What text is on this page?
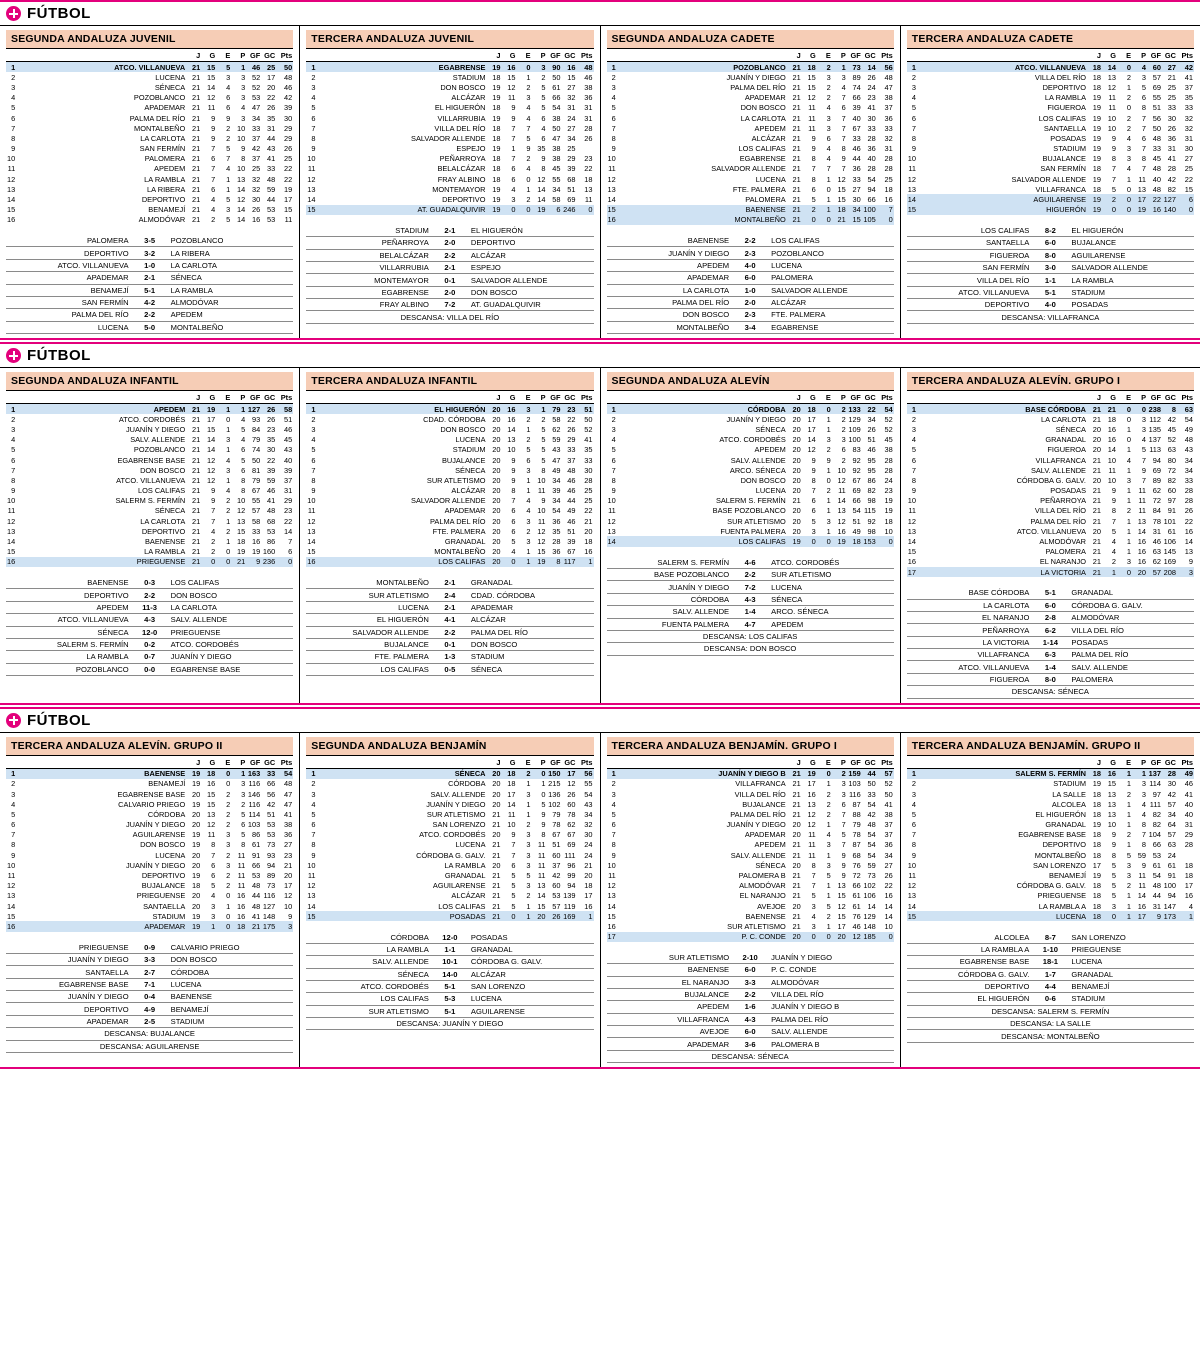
FÚTBOL
SEGUNDA ANDALUZA JUVENIL
		J	G	E	P	GF	GC	Pts
1	ATCO. VILLANUEVA	21	15	5	1	46	25	50
2	LUCENA	21	15	3	3	52	17	48
3	SÉNECA	21	14	4	3	52	20	46
4	POZOBLANCO	21	12	6	3	53	22	42
5	APADEMAR	21	11	6	4	47	26	39
6	PALMA DEL RÍO	21	9	9	3	34	35	30
7	MONTALBEÑO	21	9	2	10	33	31	29
8	LA CARLOTA	21	9	2	10	37	44	29
9	SAN FERMÍN	21	7	5	9	42	43	26
10	PALOMERA	21	6	7	8	37	41	25
11	APEDEM	21	7	4	10	25	33	22
12	LA RAMBLA	21	7	1	13	32	48	22
13	LA RIBERA	21	6	1	14	32	59	19
14	DEPORTIVO	21	4	5	12	30	44	17
15	BENAMEJÍ	21	4	3	14	26	53	15
16	ALMODÓVAR	21	2	5	14	16	53	11
PALOMERA	3-5	POZOBLANCO
DEPORTIVO	3-2	LA RIBERA
ATCO. VILLANUEVA	1-0	LA CARLOTA
APADEMAR	2-1	SÉNECA
BENAMEJÍ	5-1	LA RAMBLA
SAN FERMÍN	4-2	ALMODÓVAR
PALMA DEL RÍO	2-2	APEDEM
LUCENA	5-0	MONTALBEÑO
TERCERA ANDALUZA JUVENIL
		J	G	E	P	GF	GC	Pts
1	EGABRENSE	19	16	0	3	90	16	48
2	STADIUM	18	15	1	2	50	15	46
3	DON BOSCO	19	12	2	5	61	27	38
4	ALCÁZAR	19	11	3	5	66	32	36
5	EL HIGUERÓN	18	9	4	5	54	31	31
6	VILLARRUBIA	19	9	4	6	38	24	31
7	VILLA DEL RÍO	18	7	7	4	50	27	28
8	SALVADOR ALLENDE	18	7	5	6	47	34	26
9	ESPEJO	19	1	9	35	38	25	
10	PEÑARROYA	18	7	2	9	38	29	23
11	BELALCÁZAR	18	6	4	8	45	39	22
12	FRAY ALBINO	18	6	0	12	55	68	18
13	MONTEMAYOR	19	4	1	14	34	51	13
14	DEPORTIVO	19	3	2	14	58	69	11
15	AT. GUADALQUIVIR	19	0	0	19	6	246	0
STADIUM	2-1	EL HIGUERÓN
PEÑARROYA	2-0	DEPORTIVO
BELALCÁZAR	2-2	ALCÁZAR
VILLARRUBIA	2-1	ESPEJO
MONTEMAYOR	0-1	SALVADOR ALLENDE
EGABRENSE	2-0	DON BOSCO
FRAY ALBINO	7-2	AT. GUADALQUIVIR
DESCANSA: VILLA DEL RÍO
SEGUNDA ANDALUZA CADETE
		J	G	E	P	GF	GC	Pts
1	POZOBLANCO	21	18	2	1	73	14	56
2	JUANÍN Y DIEGO	21	15	3	3	89	26	48
3	PALMA DEL RÍO	21	15	2	4	74	24	47
4	APADEMAR	21	12	2	7	66	23	38
5	DON BOSCO	21	11	4	6	39	41	37
6	LA CARLOTA	21	11	3	7	40	30	36
7	APEDEM	21	11	3	7	67	33	33
8	ALCÁZAR	21	9	6	7	33	28	32
9	LOS CALIFAS	21	9	4	8	46	36	31
10	EGABRENSE	21	8	4	9	44	40	28
11	SALVADOR ALLENDE	21	7	7	7	36	28	28
12	LUCENA	21	8	1	12	33	54	25
13	FTE. PALMERA	21	6	0	15	27	94	18
14	PALOMERA	21	5	1	15	30	66	16
15	BAENENSE	21	2	1	18	34	100	7
16	MONTALBEÑO	21	0	0	21	15	105	0
BAENENSE	2-2	LOS CALIFAS
JUANÍN Y DIEGO	2-3	POZOBLANCO
APEDEM	4-0	LUCENA
APADEMAR	6-0	PALOMERA
LA CARLOTA	1-0	SALVADOR ALLENDE
PALMA DEL RÍO	2-0	ALCÁZAR
DON BOSCO	2-3	FTE. PALMERA
MONTALBEÑO	3-4	EGABRENSE
TERCERA ANDALUZA CADETE
		J	G	E	P	GF	GC	Pts
1	ATCO. VILLANUEVA	18	14	0	4	60	27	42
2	VILLA DEL RÍO	18	13	2	3	57	21	41
3	DEPORTIVO	18	12	1	5	69	25	37
4	LA RAMBLA	19	11	2	6	55	25	35
5	FIGUEROA	19	11	0	8	51	33	33
6	LOS CALIFAS	19	10	2	7	56	30	32
7	SANTAELLA	19	10	2	7	50	26	32
8	POSADAS	19	9	4	6	48	36	31
9	STADIUM	19	9	3	7	33	31	30
10	BUJALANCE	19	8	3	8	45	41	27
11	SAN FERMÍN	18	7	4	7	48	28	25
12	SALVADOR ALLENDE	19	7	1	11	40	42	22
13	VILLAFRANCA	18	5	0	13	48	82	15
14	AGUILARENSE	19	2	0	17	22	127	6
15	HIGUERÓN	19	0	0	19	16	140	0
LOS CALIFAS	8-2	EL HIGUERÓN
SANTAELLA	6-0	BUJALANCE
FIGUEROA	8-0	AGUILARENSE
SAN FERMÍN	3-0	SALVADOR ALLENDE
VILLA DEL RÍO	1-1	LA RAMBLA
ATCO. VILLANUEVA	5-1	STADIUM
DEPORTIVO	4-0	POSADAS
DESCANSA: VILLAFRANCA
FÚTBOL
SEGUNDA ANDALUZA INFANTIL
		J	G	E	P	GF	GC	Pts
1	APEDEM	21	19	1	1	127	26	58
2	ATCO. CORDOBÉS	21	17	0	4	93	26	51
3	JUANÍN Y DIEGO	21	15	1	5	84	23	46
4	SALV. ALLENDE	21	14	3	4	79	35	45
5	POZOBLANCO	21	14	1	6	74	30	43
6	EGABRENSE BASE	21	12	4	5	50	22	40
7	DON BOSCO	21	12	3	6	81	39	39
8	ATCO. VILLANUEVA	21	12	1	8	79	59	37
9	LOS CALIFAS	21	9	4	8	67	46	31
10	SALERM S. FERMÍN	21	9	2	10	55	41	29
11	SÉNECA	21	7	2	12	57	48	23
12	LA CARLOTA	21	7	1	13	58	68	22
13	DEPORTIVO	21	4	2	15	33	53	14
14	BAENENSE	21	2	1	18	16	86	7
15	LA RAMBLA	21	2	0	19	19	160	6
16	PRIEGUENSE	21	0	0	21	9	236	0
BAENENSE	0-3	LOS CALIFAS
DEPORTIVO	2-2	DON BOSCO
APEDEM	11-3	LA CARLOTA
ATCO. VILLANUEVA	4-3	SALV. ALLENDE
SÉNECA	12-0	PRIEGUENSE
SALERM S. FERMÍN	0-2	ATCO. CORDOBÉS
LA RAMBLA	0-7	JUANÍN Y DIEGO
POZOBLANCO	0-0	EGABRENSE BASE
TERCERA ANDALUZA INFANTIL
		J	G	E	P	GF	GC	Pts
1	EL HIGUERÓN	20	16	3	1	79	23	51
2	CDAD. CÓRDOBA	20	16	2	2	58	22	50
3	DON BOSCO	20	14	1	5	62	26	52
4	LUCENA	20	13	2	5	59	29	41
5	STADIUM	20	10	5	5	43	33	35
6	BUJALANCE	20	9	6	5	47	37	33
7	SÉNECA	20	9	3	8	49	48	30
8	SUR ATLETISMO	20	9	1	10	34	46	28
9	ALCÁZAR	20	8	1	11	39	46	25
10	SALVADOR ALLENDE	20	7	4	9	34	44	25
11	APADEMAR	20	6	4	10	54	49	22
12	PALMA DEL RÍO	20	6	3	11	36	46	21
13	FTE. PALMERA	20	6	2	12	35	51	20
14	GRANADAL	20	5	3	12	28	39	18
15	MONTALBEÑO	20	4	1	15	36	67	16
16	LOS CALIFAS	20	0	1	19	8	117	1
MONTALBEÑO	2-1	GRANADAL
SUR ATLETISMO	2-4	CDAD. CÓRDOBA
LUCENA	2-1	APADEMAR
EL HIGUERÓN	4-1	ALCÁZAR
SALVADOR ALLENDE	2-2	PALMA DEL RÍO
BUJALANCE	0-1	DON BOSCO
FTE. PALMERA	1-3	STADIUM
LOS CALIFAS	0-5	SÉNECA
SEGUNDA ANDALUZA ALEVÍN
		J	G	E	P	GF	GC	Pts
1	CÓRDOBA	20	18	0	2	133	22	54
2	JUANÍN Y DIEGO	20	17	1	2	129	34	52
3	SÉNECA	20	17	1	2	109	26	52
4	ATCO. CORDOBÉS	20	14	3	3	100	51	45
5	APEDEM	20	12	2	6	83	46	38
6	SALV. ALLENDE	20	9	9	2	92	95	28
7	ARCO. SÉNECA	20	9	1	10	92	95	28
8	DON BOSCO	20	8	0	12	67	86	24
9	LUCENA	20	7	2	11	69	82	23
10	SALERM S. FERMÍN	21	6	1	14	66	98	19
11	BASE POZOBLANCO	20	6	1	13	54	115	19
12	SUR ATLETISMO	20	5	3	12	51	92	18
13	FUENTA PALMERA	20	3	1	16	49	98	10
14	LOS CALIFAS	19	0	0	19	18	153	0
SALERM S. FERMÍN	4-6	ATCO. CORDOBÉS
BASE POZOBLANCO	2-2	SUR ATLETISMO
JUANÍN Y DIEGO	7-2	LUCENA
CÓRDOBA	4-3	SÉNECA
SALV. ALLENDE	1-4	ARCO. SÉNECA
FUENTA PALMERA	4-7	APEDEM
DESCANSA: LOS CALIFAS
DESCANSA: DON BOSCO
TERCERA ANDALUZA ALEVÍN. GRUPO I
		J	G	E	P	GF	GC	Pts
1	BASE CÓRDOBA	21	21	0	0	238	8	63
2	LA CARLOTA	21	18	0	3	112	42	54
3	SÉNECA	20	16	1	3	135	45	49
4	GRANADAL	20	16	0	4	137	52	48
5	FIGUEROA	20	14	1	5	113	63	43
6	VILLAFRANCA	21	10	4	7	94	80	34
7	SALV. ALLENDE	21	11	1	9	69	72	34
8	CÓRDOBA G. GALV.	20	10	3	7	89	82	33
9	POSADAS	21	9	1	11	62	60	28
10	PEÑARROYA	21	9	1	11	72	97	28
11	VILLA DEL RÍO	21	8	2	11	84	91	26
12	PALMA DEL RÍO	21	7	1	13	78	101	22
13	ATCO. VILLANUEVA	20	5	1	14	31	61	16
14	ALMODÓVAR	21	4	1	16	46	106	14
15	PALOMERA	21	4	1	16	63	145	13
16	EL NARANJO	21	2	3	16	62	169	9
17	LA VICTORIA	21	1	0	20	57	208	3
BASE CÓRDOBA	5-1	GRANADAL
LA CARLOTA	6-0	CÓRDOBA G. GALV.
EL NARANJO	2-8	ALMODÓVAR
PEÑARROYA	6-2	VILLA DEL RÍO
LA VICTORIA	1-14	POSADAS
VILLAFRANCA	6-3	PALMA DEL RÍO
ATCO. VILLANUEVA	1-4	SALV. ALLENDE
FIGUEROA	8-0	PALOMERA
DESCANSA: SÉNECA
FÚTBOL
TERCERA ANDALUZA ALEVÍN. GRUPO II
		J	G	E	P	GF	GC	Pts
1	BAENENSE	19	18	0	1	163	33	54
2	BENAMEJÍ	19	16	0	3	116	66	48
3	EGABRENSE BASE	20	15	2	3	146	56	47
4	CALVARIO PRIEGO	19	15	2	2	116	42	47
5	CÓRDOBA	20	13	2	5	114	51	41
6	JUANÍN Y DIEGO	20	12	2	6	103	53	38
7	AGUILARENSE	19	11	3	5	86	53	36
8	DON BOSCO	19	8	3	8	61	73	27
9	LUCENA	20	7	2	11	91	93	23
10	JUANÍN Y DIEGO	20	6	3	11	66	94	21
11	DEPORTIVO	19	6	2	11	53	89	20
12	BUJALANCE	18	5	2	11	48	73	17
13	PRIEGUENSE	20	4	0	16	44	116	12
14	SANTAELLA	20	3	1	16	48	127	10
15	STADIUM	19	3	0	16	41	148	9
16	APADEMAR	19	1	0	18	21	175	3
PRIEGUENSE	0-9	CALVARIO PRIEGO
JUANÍN Y DIEGO	3-3	DON BOSCO
SANTAELLA	2-7	CÓRDOBA
EGABRENSE BASE	7-1	LUCENA
JUANÍN Y DIEGO	0-4	BAENENSE
DEPORTIVO	4-9	BENAMEJÍ
APADEMAR	2-5	STADIUM
DESCANSA: BUJALANCE
DESCANSA: AGUILARENSE
SEGUNDA ANDALUZA BENJAMÍN
		J	G	E	P	GF	GC	Pts
1	SÉNECA	20	18	2	0	150	17	56
2	CÓRDOBA	20	18	1	1	215	12	55
3	SALV. ALLENDE	20	17	3	0	136	26	54
4	JUANÍN Y DIEGO	20	14	1	5	102	60	43
5	SUR ATLETISMO	21	11	1	9	79	78	34
6	SAN LORENZO	21	10	2	9	78	62	32
7	ATCO. CORDOBÉS	20	9	3	8	67	67	30
8	LUCENA	21	7	3	11	51	69	24
9	CÓRDOBA G. GALV.	21	7	3	11	60	111	24
10	LA RAMBLA	20	6	3	11	37	96	21
11	GRANADAL	21	5	5	11	42	99	20
12	AGUILARENSE	21	5	3	13	60	94	18
13	ALCÁZAR	21	5	2	14	53	139	17
14	LOS CALIFAS	21	5	1	15	57	119	16
15	POSADAS	21	0	1	20	26	169	1
CÓRDOBA	12-0	POSADAS
LA RAMBLA	1-1	GRANADAL
SALV. ALLENDE	10-1	CÓRDOBA G. GALV.
SÉNECA	14-0	ALCÁZAR
ATCO. CORDOBÉS	5-1	SAN LORENZO
LOS CALIFAS	5-3	LUCENA
SUR ATLETISMO	5-1	AGUILARENSE
DESCANSA: JUANÍN Y DIEGO
TERCERA ANDALUZA BENJAMÍN. GRUPO I
		J	G	E	P	GF	GC	Pts
1	JUANÍN Y DIEGO B	21	19	0	2	159	44	57
2	VILLAFRANCA	21	17	1	3	103	50	52
3	VILLA DEL RÍO	21	16	2	3	116	33	50
4	BUJALANCE	21	13	2	6	87	54	41
5	PALMA DEL RÍO	21	12	2	7	88	42	38
6	JUANÍN Y DIEGO	20	12	1	7	79	48	37
7	APADEMAR	20	11	4	5	78	54	37
8	APEDEM	21	11	3	7	87	54	36
9	SALV. ALLENDE	21	11	1	9	68	54	34
10	SÉNECA	20	8	3	9	76	59	27
11	PALOMERA B	21	7	5	9	72	73	26
12	ALMODÓVAR	21	7	1	13	66	102	22
13	EL NARANJO	21	5	1	15	61	106	16
14	AVEJOE	20	3	5	12	61	14	14
15	BAENENSE	21	4	2	15	76	129	14
16	SUR ATLETISMO	21	3	1	17	46	148	10
17	P. C. CONDE	20	0	0	20	12	185	0
SUR ATLETISMO	2-10	JUANÍN Y DIEGO
BAENENSE	6-0	P. C. CONDE
EL NARANJO	3-3	ALMODÓVAR
BUJALANCE	2-2	VILLA DEL RÍO
APEDEM	1-6	JUANÍN Y DIEGO B
VILLAFRANCA	4-3	PALMA DEL RÍO
AVEJOE	6-0	SALV. ALLENDE
APADEMAR	3-6	PALOMERA B
DESCANSA: SÉNECA
TERCERA ANDALUZA BENJAMÍN. GRUPO II
		J	G	E	P	GF	GC	Pts
1	SALERM S. FERMÍN	18	16	1	1	137	28	49
2	STADIUM	19	15	1	3	114	30	46
3	LA SALLE	18	13	2	3	97	42	41
4	ALCOLEA	18	13	1	4	111	57	40
5	EL HIGUERÓN	18	13	1	4	82	34	40
6	GRANADAL	19	10	1	8	82	64	31
7	EGABRENSE BASE	18	9	2	7	104	57	29
8	DEPORTIVO	18	9	1	8	66	63	28
9	MONTALBEÑO	18	8	5	59	53	24	
10	SAN LORENZO	17	5	3	9	61	61	18
11	BENAMEJÍ	19	5	3	11	54	91	18
12	CÓRDOBA G. GALV.	18	5	2	11	48	100	17
13	PRIEGUENSE	18	5	1	14	44	94	16
14	LA RAMBLA A	18	3	1	16	31	147	4
15	LUCENA	18	0	1	17	9	173	1
ALCOLEA	8-7	SAN LORENZO
LA RAMBLA A	1-10	PRIEGUENSE
EGABRENSE BASE	18-1	LUCENA
CÓRDOBA G. GALV.	1-7	GRANADAL
DEPORTIVO	4-4	BENAMEJÍ
EL HIGUERÓN	0-6	STADIUM
DESCANSA: SALERM S. FERMÍN
DESCANSA: LA SALLE
DESCANSA: MONTALBEÑO
